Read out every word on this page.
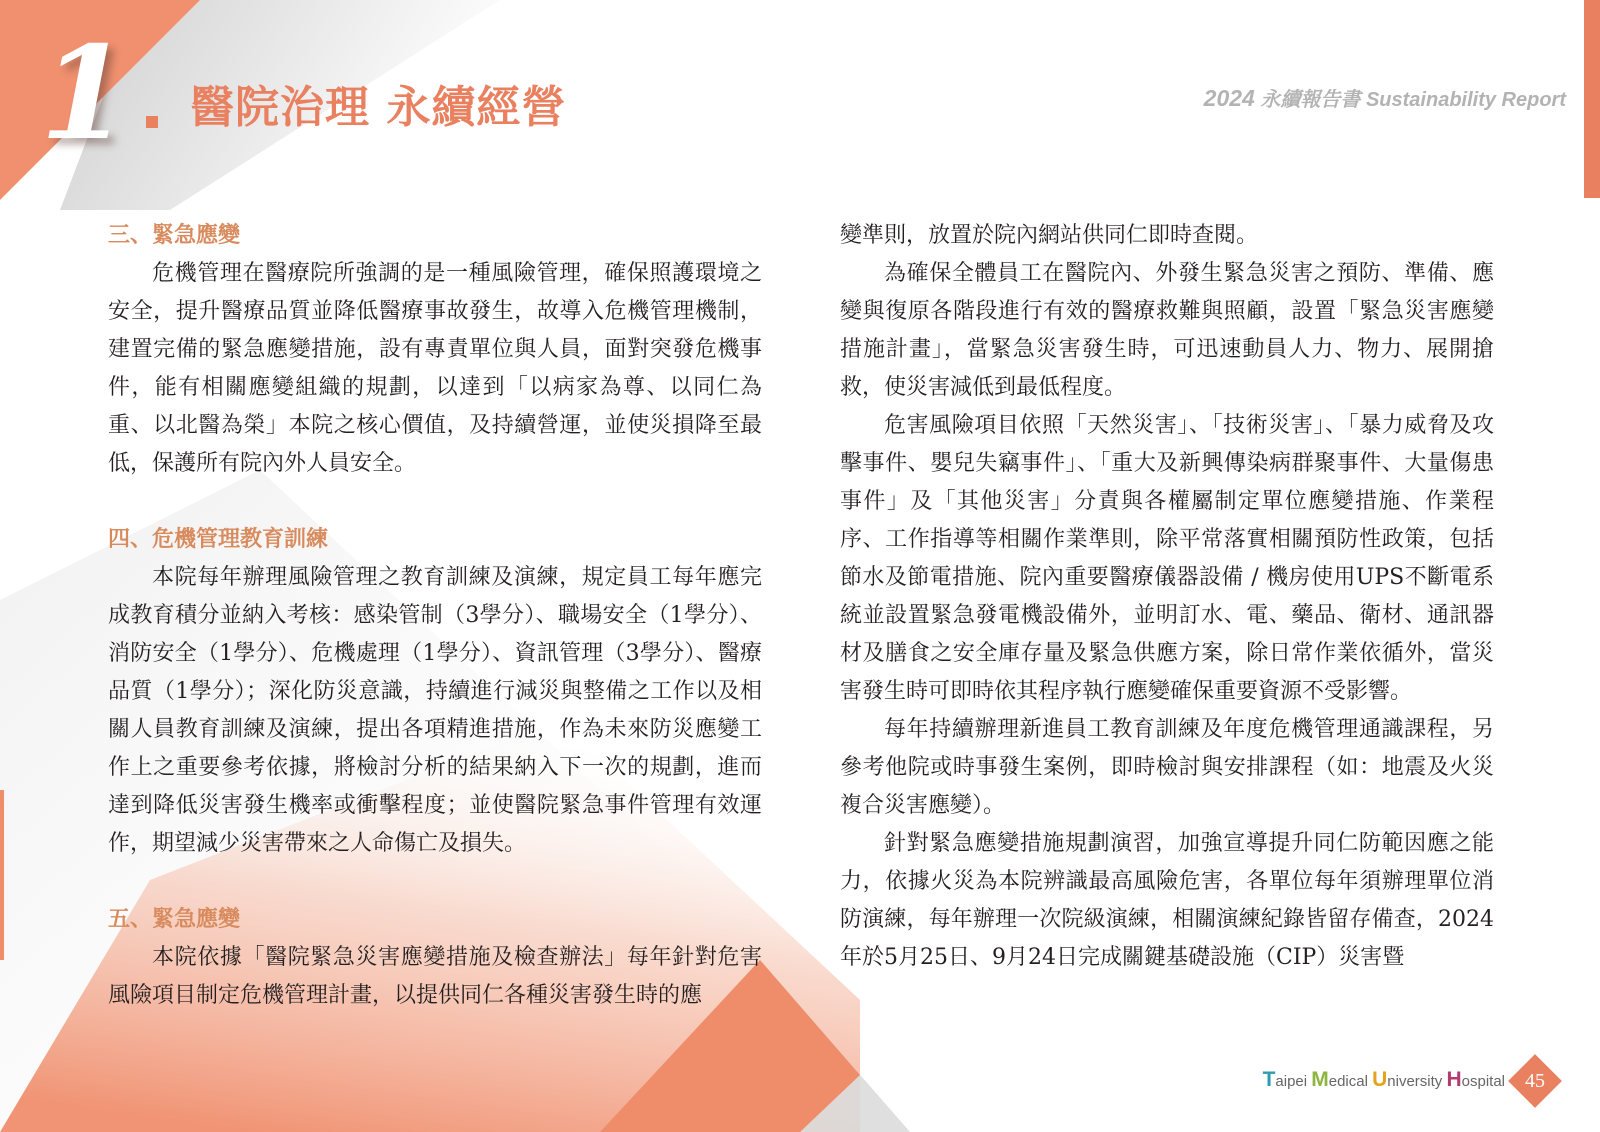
1 醫院治理 永續經營	2024 永續報告書 Sustainability Report
三、緊急應變

危機管理在醫療院所強調的是一種風險管理，確保照護環境之安全，提升醫療品質並降低醫療事故發生，故導入危機管理機制，建置完備的緊急應變措施，設有專責單位與人員，面對突發危機事件，能有相關應變組織的規劃，以達到「以病家為尊、以同仁為重、以北醫為榮」本院之核心價值，及持續營運，並使災損降至最低，保護所有院內外人員安全。

四、危機管理教育訓練

本院每年辦理風險管理之教育訓練及演練，規定員工每年應完成教育積分並納入考核：感染管制（3學分）、職場安全（1學分）、消防安全（1學分）、危機處理（1學分）、資訊管理（3學分）、醫療品質（1學分）；深化防災意識，持續進行減災與整備之工作以及相關人員教育訓練及演練，提出各項精進措施，作為未來防災應變工作上之重要參考依據，將檢討分析的結果納入下一次的規劃，進而達到降低災害發生機率或衝擊程度；並使醫院緊急事件管理有效運作，期望減少災害帶來之人命傷亡及損失。

五、緊急應變

本院依據「醫院緊急災害應變措施及檢查辦法」每年針對危害風險項目制定危機管理計畫，以提供同仁各種災害發生時的應

變準則，放置於院內網站供同仁即時查閱。

為確保全體員工在醫院內、外發生緊急災害之預防、準備、應變與復原各階段進行有效的醫療救難與照顧，設置「緊急災害應變措施計畫」，當緊急災害發生時，可迅速動員人力、物力、展開搶救，使災害減低到最低程度。

危害風險項目依照「天然災害」、「技術災害」、「暴力威脅及攻擊事件、嬰兒失竊事件」、「重大及新興傳染病群聚事件、大量傷患事件」及「其他災害」分責與各權屬制定單位應變措施、作業程序、工作指導等相關作業準則，除平常落實相關預防性政策，包括節水及節電措施、院內重要醫療儀器設備 / 機房使用UPS不斷電系統並設置緊急發電機設備外，並明訂水、電、藥品、衛材、通訊器材及膳食之安全庫存量及緊急供應方案，除日常作業依循外，當災害發生時可即時依其程序執行應變確保重要資源不受影響。

每年持續辦理新進員工教育訓練及年度危機管理通識課程，另參考他院或時事發生案例，即時檢討與安排課程（如：地震及火災複合災害應變）。

針對緊急應變措施規劃演習，加強宣導提升同仁防範因應之能力，依據火災為本院辨識最高風險危害，各單位每年須辦理單位消防演練，每年辦理一次院級演練，相關演練紀錄皆留存備查，2024年於5月25日、9月24日完成關鍵基礎設施（CIP）災害暨

Taipei Medical University Hospital	45
